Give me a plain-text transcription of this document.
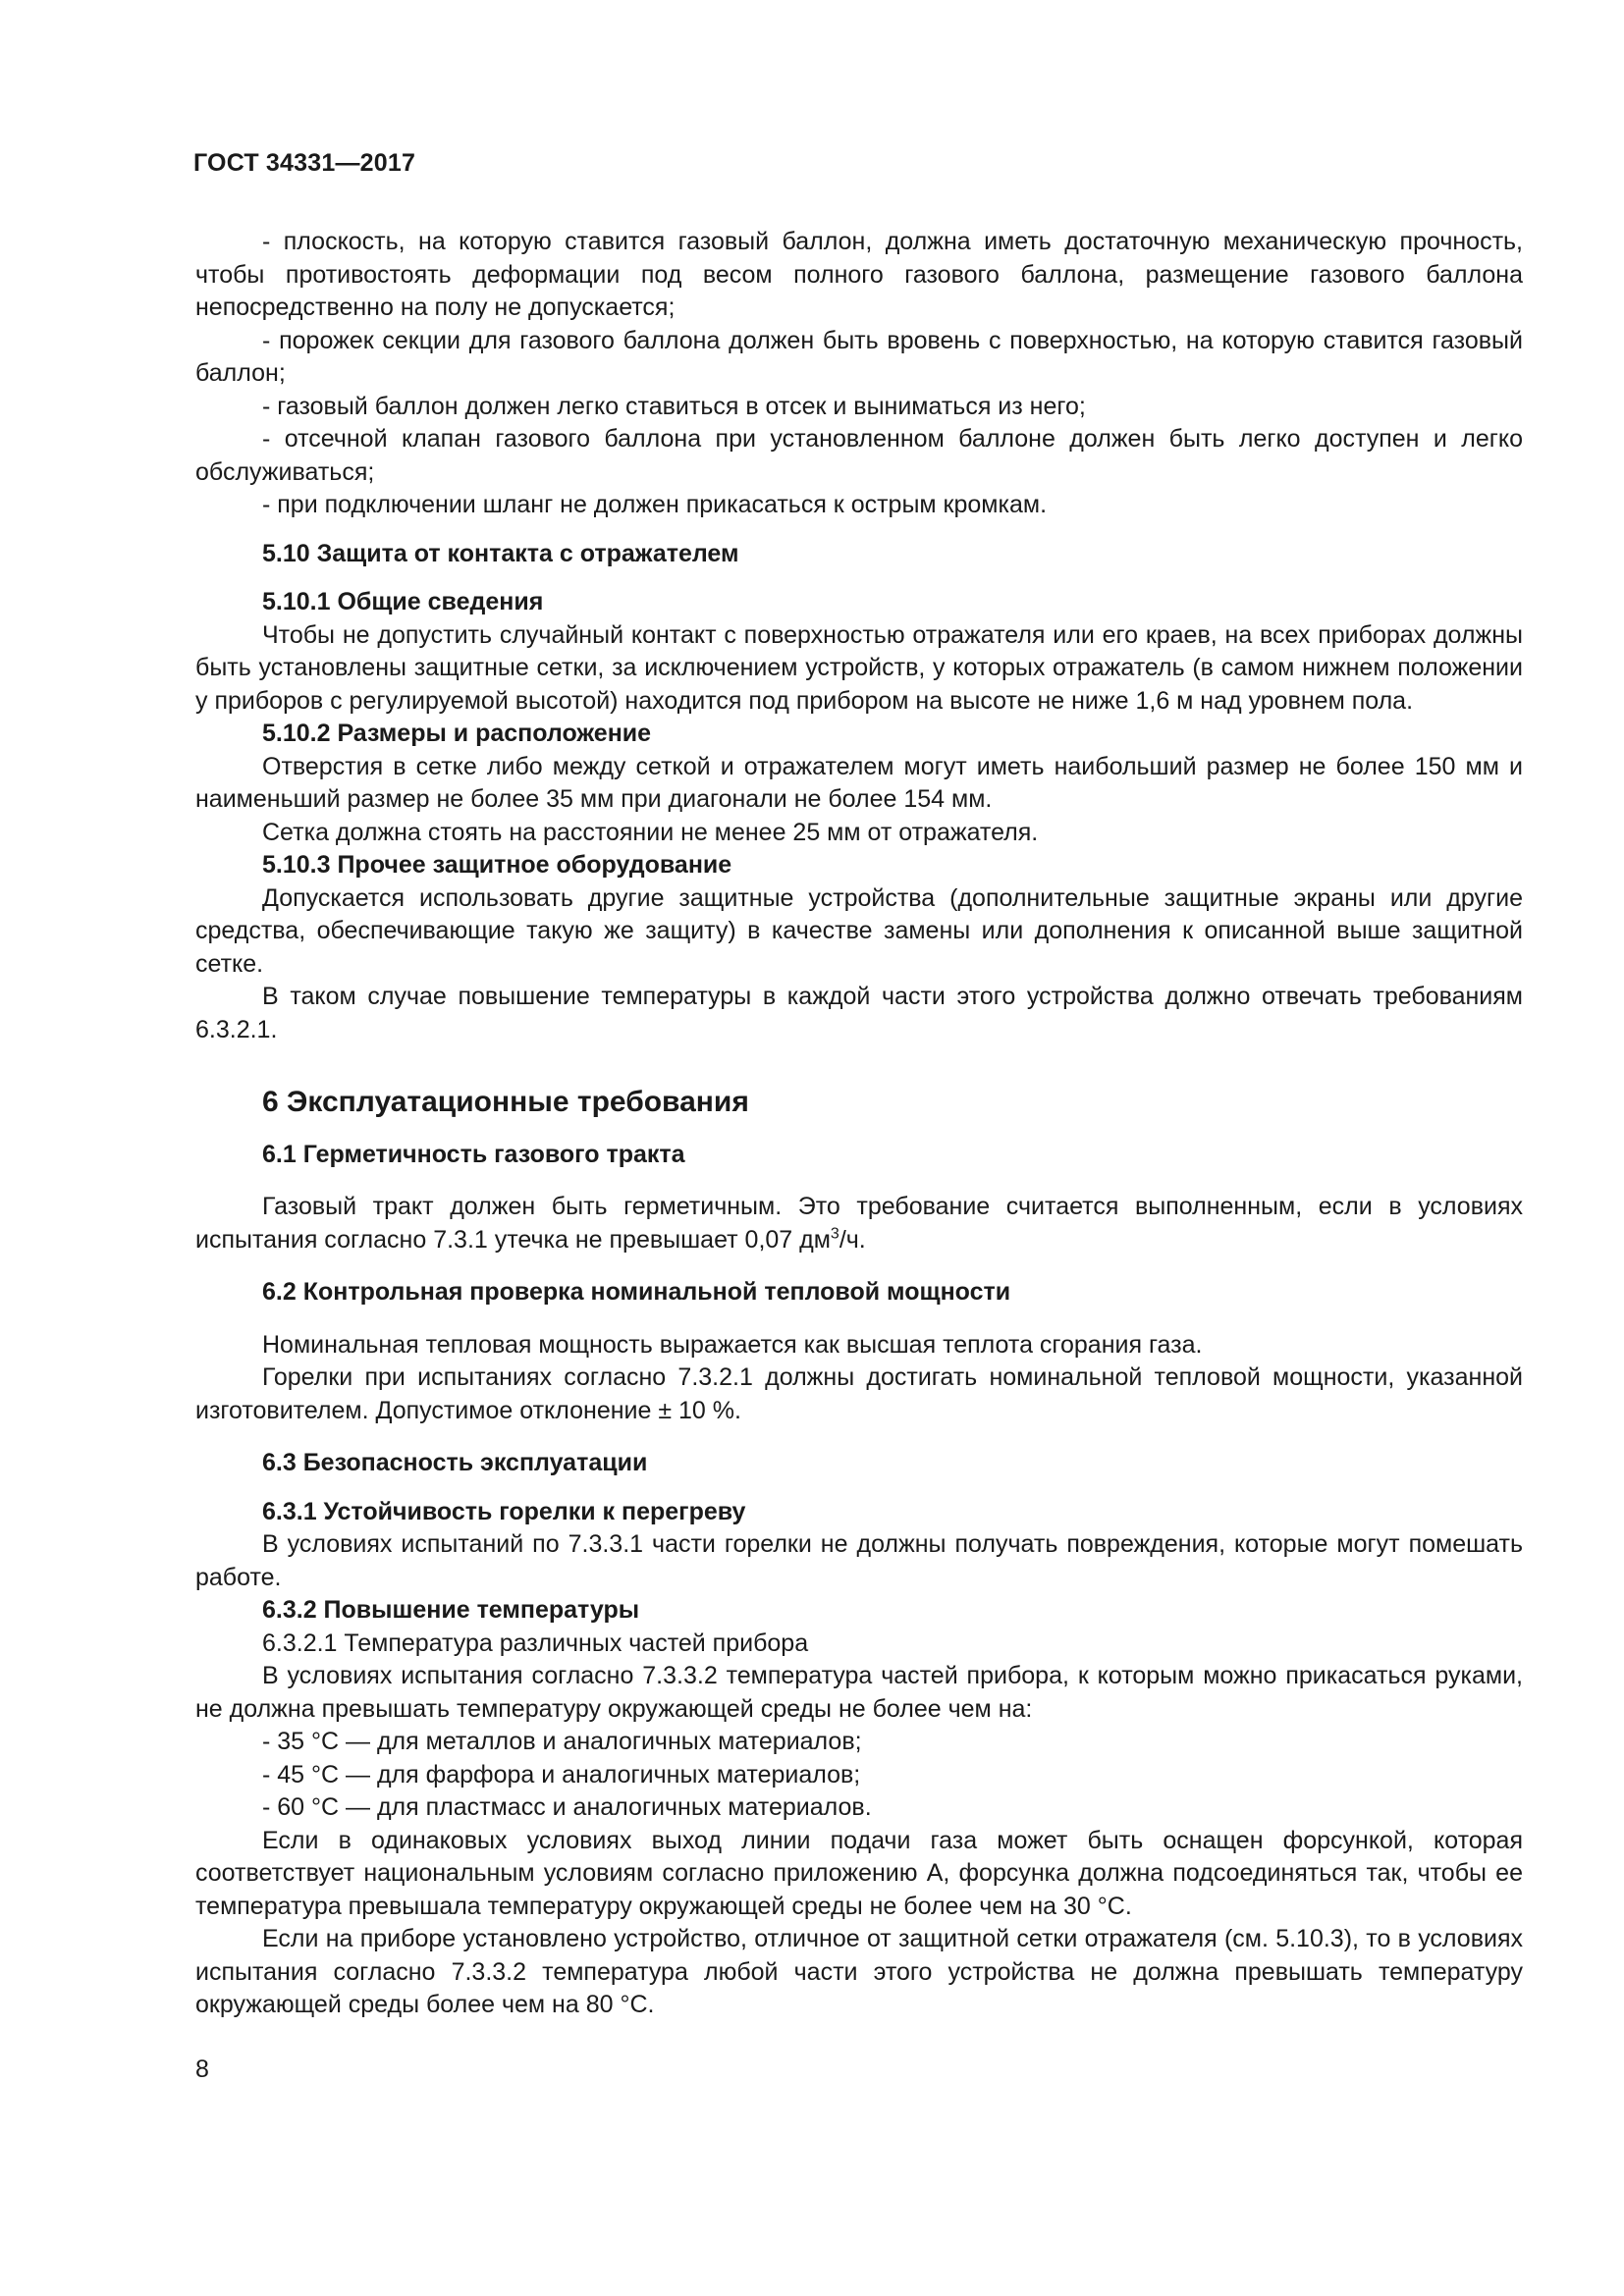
ГОСТ 34331—2017

- плоскость, на которую ставится газовый баллон, должна иметь достаточную механическую прочность, чтобы противостоять деформации под весом полного газового баллона, размещение газового баллона непосредственно на полу не допускается;

- порожек секции для газового баллона должен быть вровень с поверхностью, на которую ставится газовый баллон;

- газовый баллон должен легко ставиться в отсек и выниматься из него;

- отсечной клапан газового баллона при установленном баллоне должен быть легко доступен и легко обслуживаться;

- при подключении шланг не должен прикасаться к острым кромкам.

5.10 Защита от контакта с отражателем

5.10.1 Общие сведения

Чтобы не допустить случайный контакт с поверхностью отражателя или его краев, на всех приборах должны быть установлены защитные сетки, за исключением устройств, у которых отражатель (в самом нижнем положении у приборов с регулируемой высотой) находится под прибором на высоте не ниже 1,6 м над уровнем пола.

5.10.2 Размеры и расположение

Отверстия в сетке либо между сеткой и отражателем могут иметь наибольший размер не более 150 мм и наименьший размер не более 35 мм при диагонали не более 154 мм.

Сетка должна стоять на расстоянии не менее 25 мм от отражателя.

5.10.3 Прочее защитное оборудование

Допускается использовать другие защитные устройства (дополнительные защитные экраны или другие средства, обеспечивающие такую же защиту) в качестве замены или дополнения к описанной выше защитной сетке.

В таком случае повышение температуры в каждой части этого устройства должно отвечать требованиям 6.3.2.1.

6 Эксплуатационные требования

6.1 Герметичность газового тракта

Газовый тракт должен быть герметичным. Это требование считается выполненным, если в условиях испытания согласно 7.3.1 утечка не превышает 0,07 $дм^3/ч$.

6.2 Контрольная проверка номинальной тепловой мощности

Номинальная тепловая мощность выражается как высшая теплота сгорания газа.

Горелки при испытаниях согласно 7.3.2.1 должны достигать номинальной тепловой мощности, указанной изготовителем. Допустимое отклонение ± 10 %.

6.3 Безопасность эксплуатации

6.3.1 Устойчивость горелки к перегреву

В условиях испытаний по 7.3.3.1 части горелки не должны получать повреждения, которые могут помешать работе.

6.3.2 Повышение температуры

6.3.2.1 Температура различных частей прибора

В условиях испытания согласно 7.3.3.2 температура частей прибора, к которым можно прикасаться руками, не должна превышать температуру окружающей среды не более чем на:

- 35 °С — для металлов и аналогичных материалов;

- 45 °С — для фарфора и аналогичных материалов;

- 60 °С — для пластмасс и аналогичных материалов.

Если в одинаковых условиях выход линии подачи газа может быть оснащен форсункой, которая соответствует национальным условиям согласно приложению А, форсунка должна подсоединяться так, чтобы ее температура превышала температуру окружающей среды не более чем на 30 °С.

Если на приборе установлено устройство, отличное от защитной сетки отражателя (см. 5.10.3), то в условиях испытания согласно 7.3.3.2 температура любой части этого устройства не должна превышать температуру окружающей среды более чем на 80 °С.

8
